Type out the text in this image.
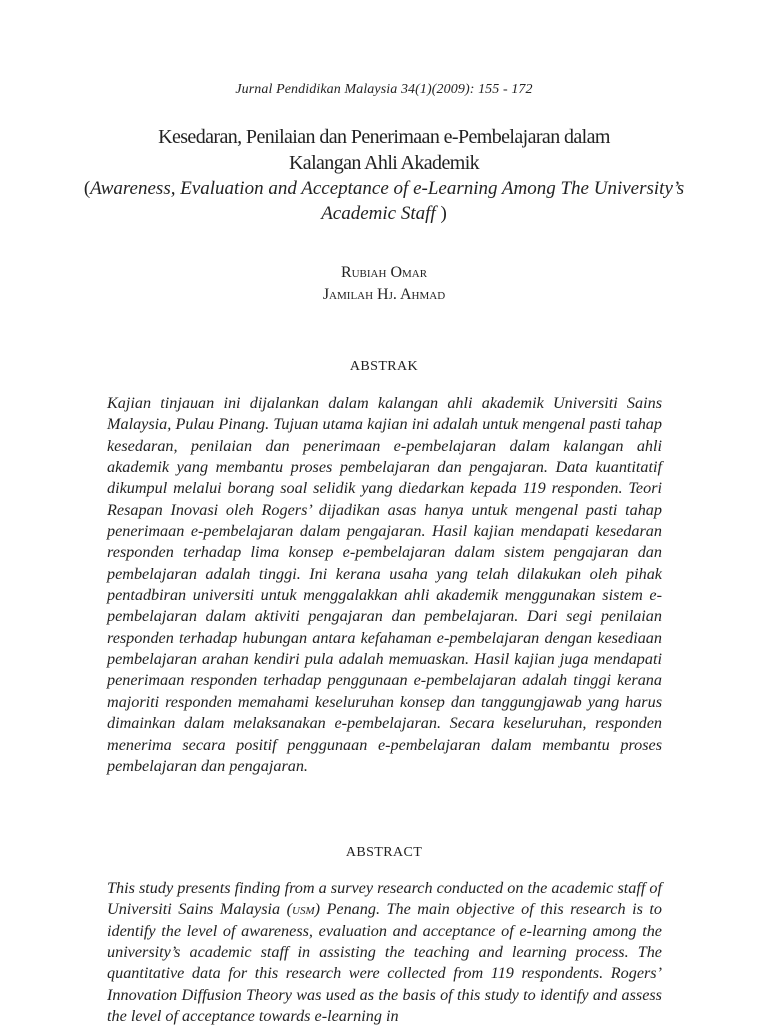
Jurnal Pendidikan Malaysia 34(1)(2009): 155 - 172
Kesedaran, Penilaian dan Penerimaan e-Pembelajaran dalam
Kalangan Ahli Akademik
(Awareness, Evaluation and Acceptance of e-Learning Among The University’s Academic Staff )
Rubiah Omar
Jamilah Hj. Ahmad
ABSTRAK

Kajian tinjauan ini dijalankan dalam kalangan ahli akademik Universiti Sains Malaysia, Pulau Pinang. Tujuan utama kajian ini adalah untuk mengenal pasti tahap kesedaran, penilaian dan penerimaan e-pembelajaran dalam kalangan ahli akademik yang membantu proses pembelajaran dan pengajaran. Data kuantitatif dikumpul melalui borang soal selidik yang diedarkan kepada 119 responden. Teori Resapan Inovasi oleh Rogers’ dijadikan asas hanya untuk mengenal pasti tahap penerimaan e-pembelajaran dalam pengajaran. Hasil kajian mendapati kesedaran responden terhadap lima konsep e-pembelajaran dalam sistem pengajaran dan pembelajaran adalah tinggi. Ini kerana usaha yang telah dilakukan oleh pihak pentadbiran universiti untuk menggalakkan ahli akademik menggunakan sistem e-pembelajaran dalam aktiviti pengajaran dan pembelajaran. Dari segi penilaian responden terhadap hubungan antara kefahaman e-pembelajaran dengan kesediaan pembelajaran arahan kendiri pula adalah memuaskan. Hasil kajian juga mendapati penerimaan responden terhadap penggunaan e-pembelajaran adalah tinggi kerana majoriti responden memahami keseluruhan konsep dan tanggungjawab yang harus dimainkan dalam melaksanakan e-pembelajaran. Secara keseluruhan, responden menerima secara positif penggunaan e-pembelajaran dalam membantu proses pembelajaran dan pengajaran.

ABSTRACT

This study presents finding from a survey research conducted on the academic staff of Universiti Sains Malaysia (usm) Penang. The main objective of this research is to identify the level of awareness, evaluation and acceptance of e-learning among the university’s academic staff in assisting the teaching and learning process. The quantitative data for this research were collected from 119 respondents. Rogers’ Innovation Diffusion Theory was used as the basis of this study to identify and assess the level of acceptance towards e-learning in
